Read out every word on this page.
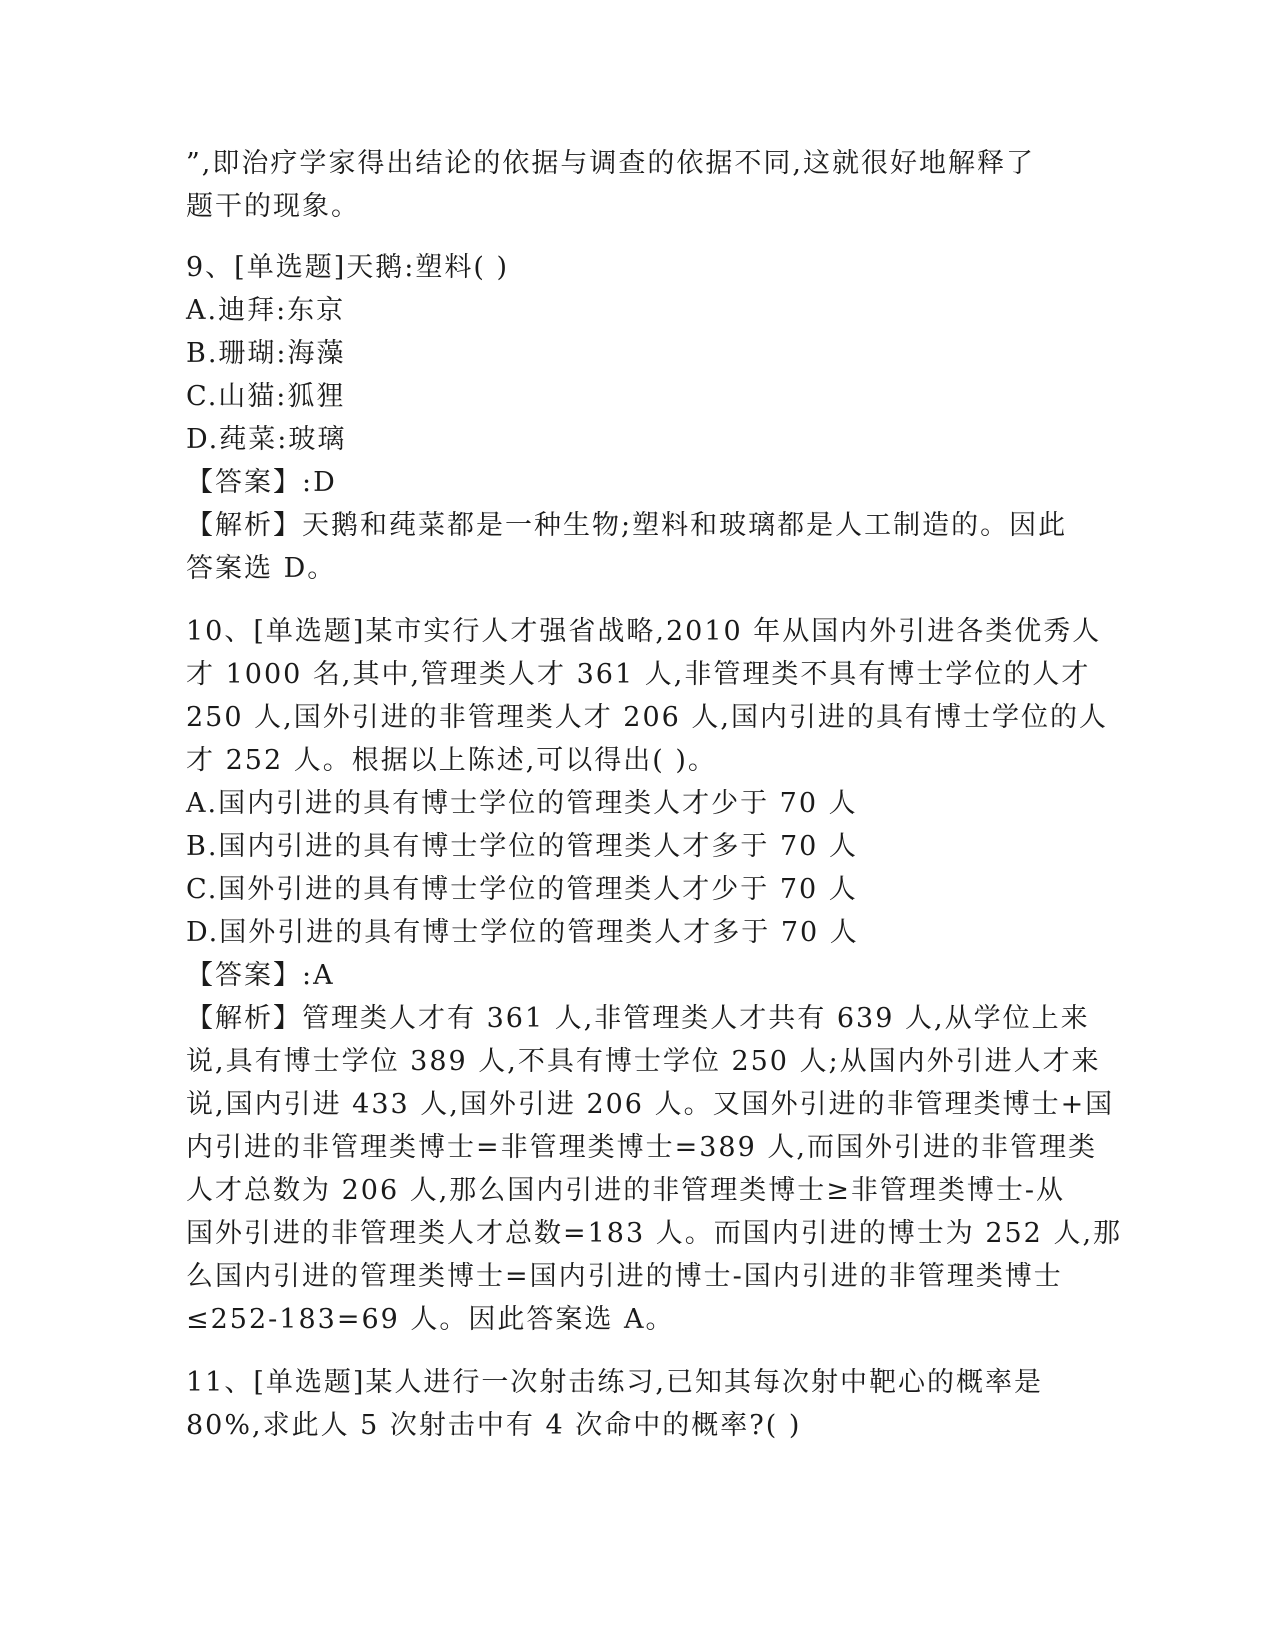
”,即治疗学家得出结论的依据与调查的依据不同,这就很好地解释了
题干的现象。
9、[单选题]天鹅:塑料( )
A.迪拜:东京
B.珊瑚:海藻
C.山猫:狐狸
D.莼菜:玻璃
【答案】:D
【解析】天鹅和莼菜都是一种生物;塑料和玻璃都是人工制造的。因此
答案选 D。
10、[单选题]某市实行人才强省战略,2010 年从国内外引进各类优秀人
才 1000 名,其中,管理类人才 361 人,非管理类不具有博士学位的人才
250 人,国外引进的非管理类人才 206 人,国内引进的具有博士学位的人
才 252 人。根据以上陈述,可以得出( )。
A.国内引进的具有博士学位的管理类人才少于 70 人
B.国内引进的具有博士学位的管理类人才多于 70 人
C.国外引进的具有博士学位的管理类人才少于 70 人
D.国外引进的具有博士学位的管理类人才多于 70 人
【答案】:A
【解析】管理类人才有 361 人,非管理类人才共有 639 人,从学位上来
说,具有博士学位 389 人,不具有博士学位 250 人;从国内外引进人才来
说,国内引进 433 人,国外引进 206 人。又国外引进的非管理类博士+国
内引进的非管理类博士=非管理类博士=389 人,而国外引进的非管理类
人才总数为 206 人,那么国内引进的非管理类博士≥非管理类博士-从
国外引进的非管理类人才总数=183 人。而国内引进的博士为 252 人,那
么国内引进的管理类博士=国内引进的博士-国内引进的非管理类博士
≤252-183=69 人。因此答案选 A。
11、[单选题]某人进行一次射击练习,已知其每次射中靶心的概率是
80%,求此人 5 次射击中有 4 次命中的概率?( )
